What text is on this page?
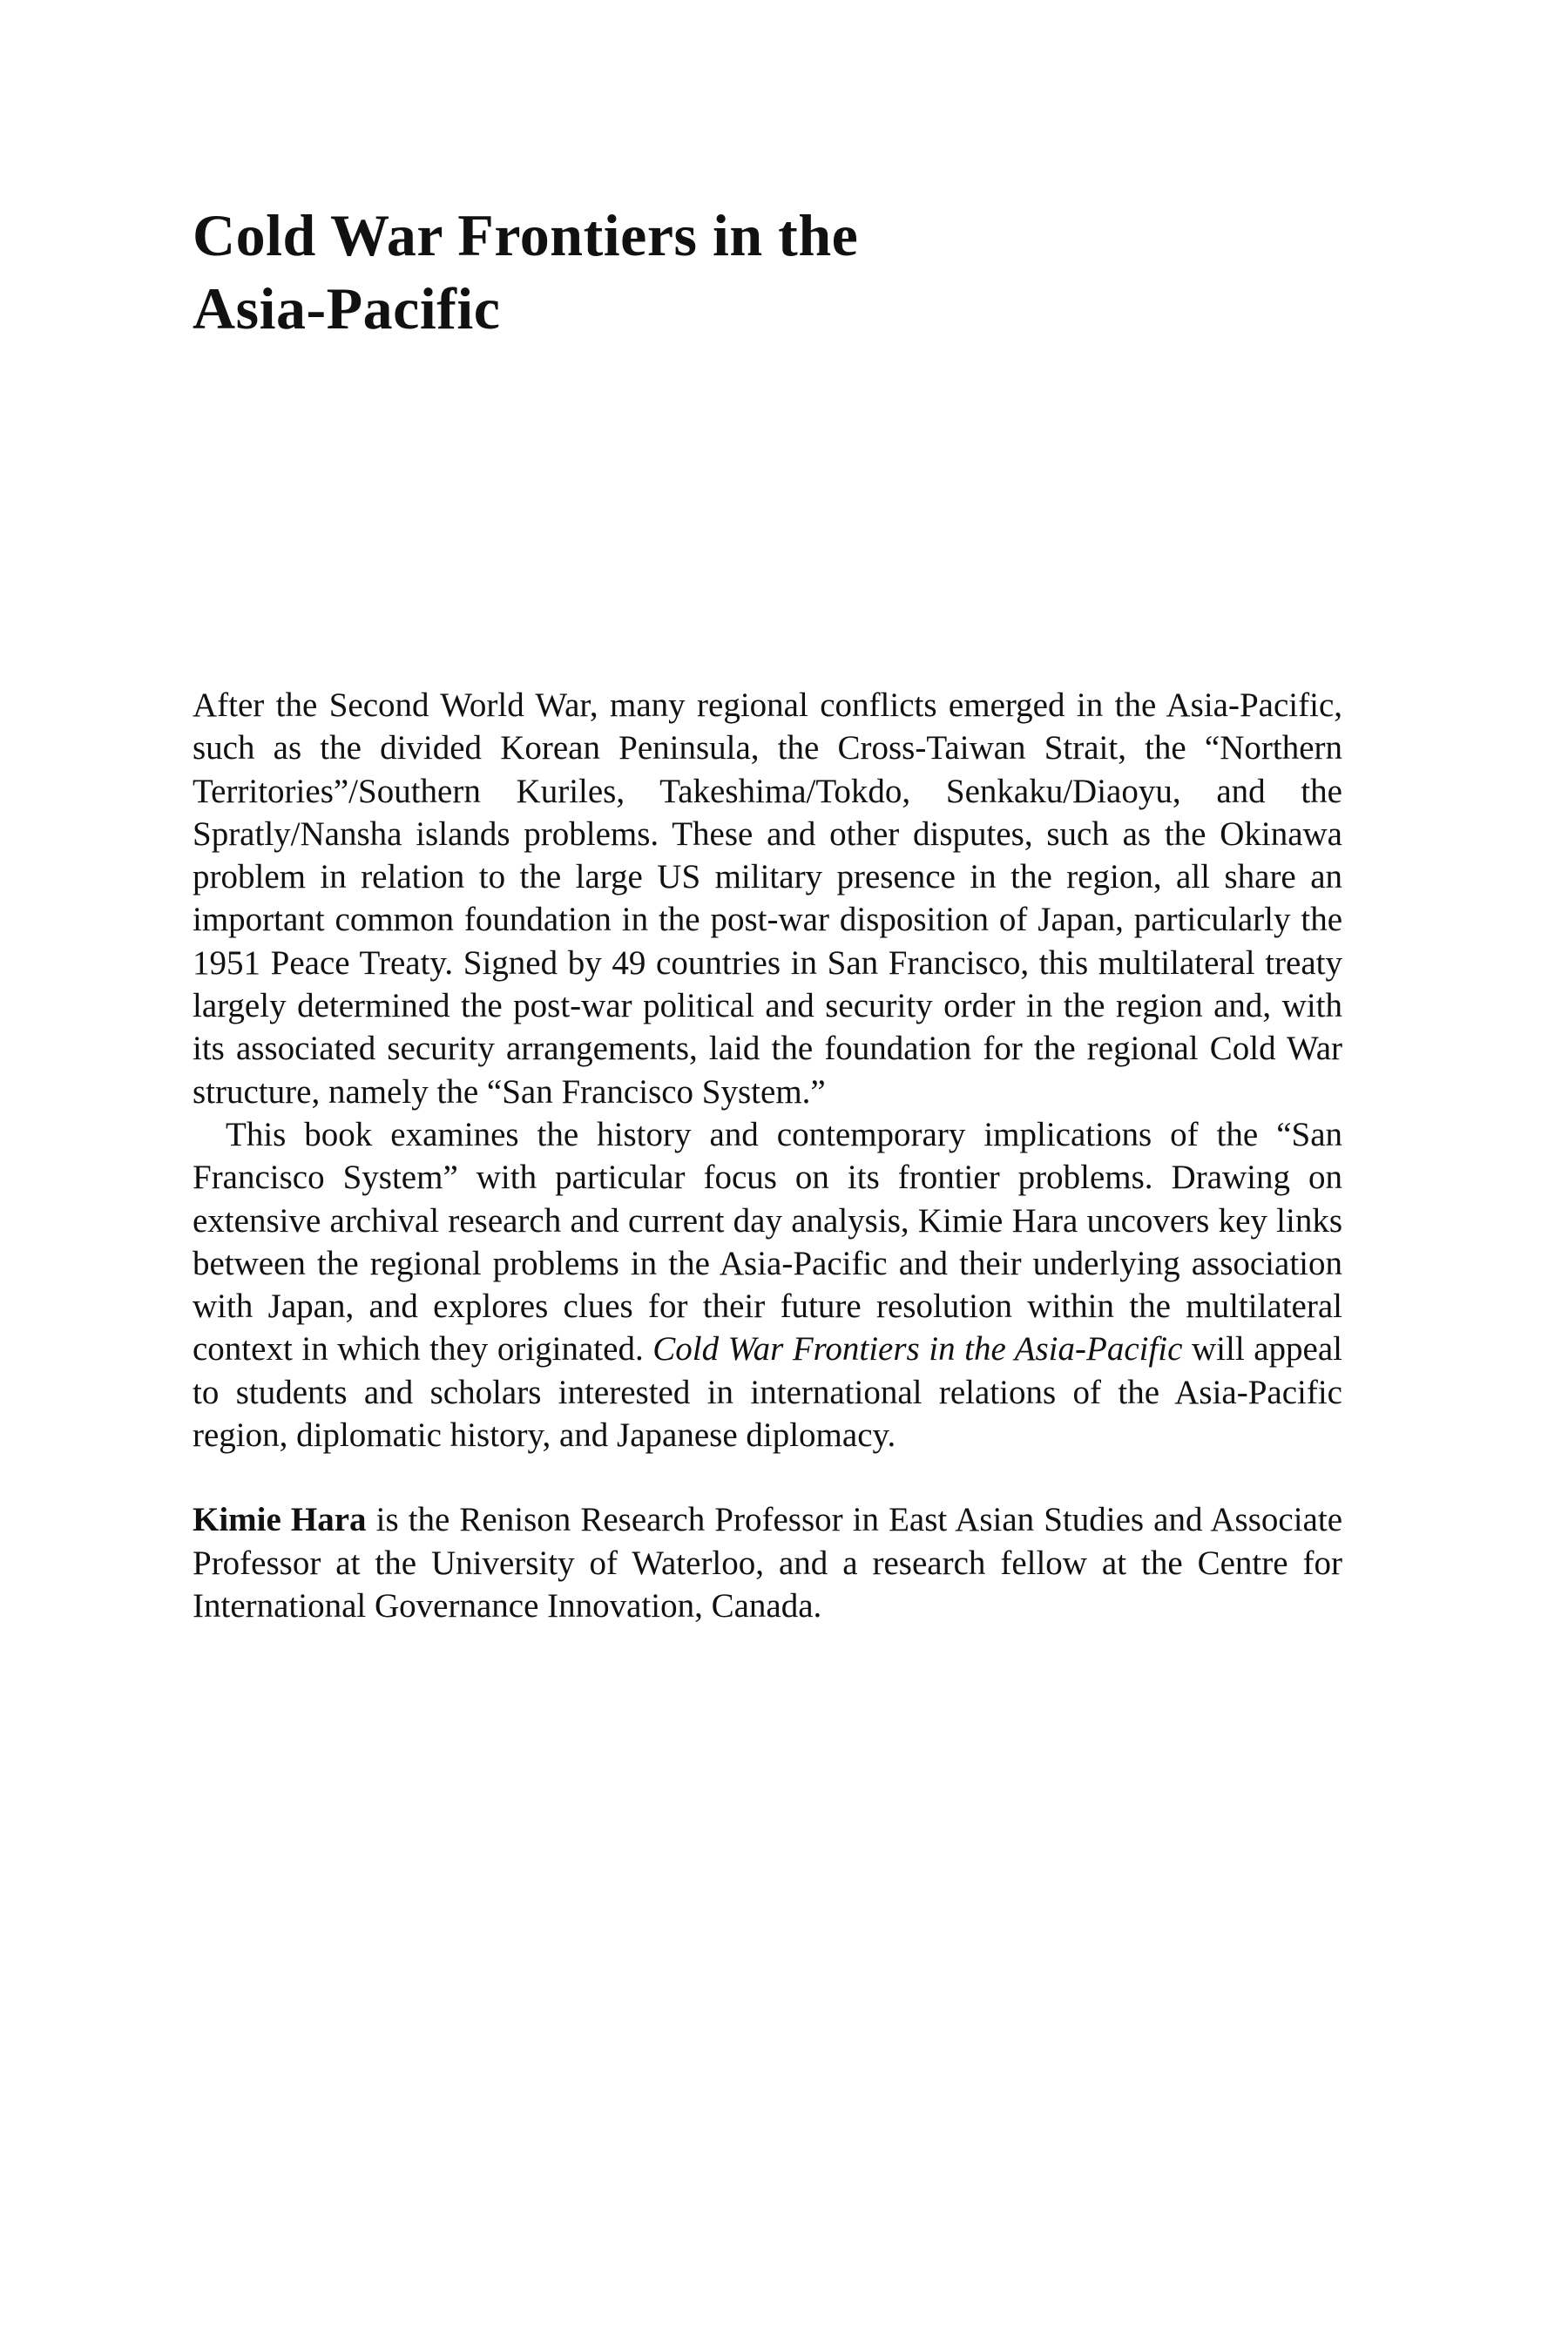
Cold War Frontiers in the
Asia-Pacific

After the Second World War, many regional conflicts emerged in the Asia-Pacific, such as the divided Korean Peninsula, the Cross-Taiwan Strait, the “Northern Territories”/Southern Kuriles, Takeshima/Tokdo, Senkaku/Diaoyu, and the Spratly/Nansha islands problems. These and other disputes, such as the Okinawa problem in relation to the large US military presence in the region, all share an important common foundation in the post-war disposition of Japan, particularly the 1951 Peace Treaty. Signed by 49 countries in San Francisco, this multilateral treaty largely determined the post-war political and security order in the region and, with its associated security arrangements, laid the foundation for the regional Cold War structure, namely the “San Francisco System.”

This book examines the history and contemporary implications of the “San Francisco System” with particular focus on its frontier problems. Drawing on extensive archival research and current day analysis, Kimie Hara uncovers key links between the regional problems in the Asia-Pacific and their underlying association with Japan, and explores clues for their future resolution within the multilateral context in which they originated. Cold War Frontiers in the Asia-Pacific will appeal to students and scholars interested in international relations of the Asia-Pacific region, diplomatic history, and Japanese diplomacy.

Kimie Hara is the Renison Research Professor in East Asian Studies and Associate Professor at the University of Waterloo, and a research fellow at the Centre for International Governance Innovation, Canada.
